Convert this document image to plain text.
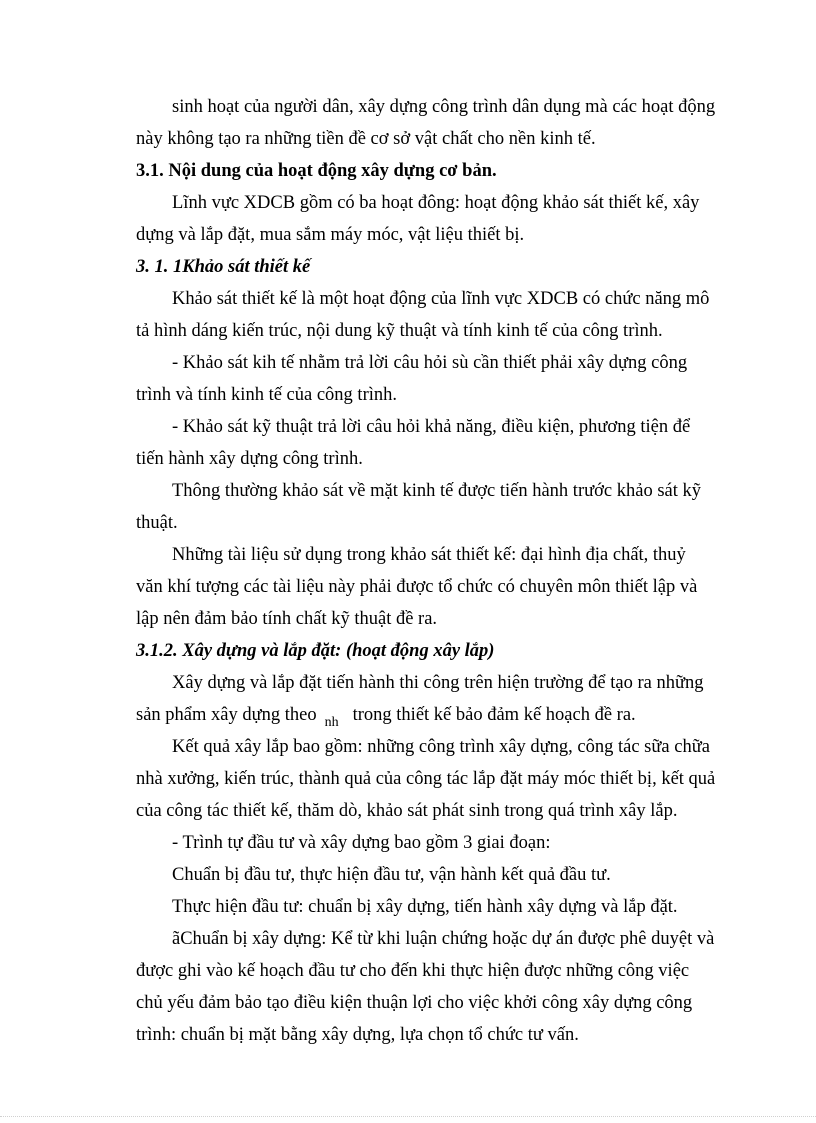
sinh hoạt của người dân, xây dựng công trình dân dụng mà các hoạt động
này không tạo ra những tiền đề cơ sở vật chất cho nền kinh tế.
3.1. Nội dung của hoạt động xây dựng cơ bản.
Lĩnh vực XDCB gồm có ba hoạt đông: hoạt động khảo sát thiết kế, xây
dựng và lắp đặt, mua sắm máy móc, vật liệu thiết bị.
3. 1. 1Khảo sát thiết kế
Khảo sát thiết kế là một hoạt động của lĩnh vực XDCB có chức năng mô
tả hình dáng kiến trúc, nội dung kỹ thuật và tính kinh tế của công trình.
- Khảo sát kih tế nhằm trả lời câu hỏi sù cần thiết phải xây dựng công
trình và tính kinh tế của công trình.
- Khảo sát kỹ thuật trả lời câu hỏi khả năng, điều kiện, phương tiện để
tiến hành xây dựng công trình.
Thông thường khảo sát về mặt kinh tế được tiến hành trước khảo sát kỹ
thuật.
Những tài liệu sử dụng trong khảo sát thiết kế: đại hình địa chất, thuỷ
văn khí tượng các tài liệu này phải được tổ chức có chuyên môn thiết lập và
lập nên đảm bảo tính chất kỹ thuật đề ra.
3.1.2. Xây dựng và lắp đặt: (hoạt động xây lắp)
Xây dựng và lắp đặt tiến hành thi công trên hiện trường để tạo ra những
sản phẩm xây dựng theo $_{nh}$ trong thiết kế bảo đảm kế hoạch đề ra.
Kết quả xây lắp bao gồm: những công trình xây dựng, công tác sữa chữa
nhà xưởng, kiến trúc, thành quả của công tác lắp đặt máy móc thiết bị, kết quả
của công tác thiết kế, thăm dò, khảo sát phát sinh trong quá trình xây lắp.
- Trình tự đầu tư và xây dựng bao gồm 3 giai đoạn:
Chuẩn bị đầu tư, thực hiện đầu tư, vận hành kết quả đầu tư.
Thực hiện đầu tư: chuẩn bị xây dựng, tiến hành xây dựng và lắp đặt.
ãChuẩn bị xây dựng: Kể từ khi luận chứng hoặc dự án được phê duyệt và
được ghi vào kế hoạch đầu tư cho đến khi thực hiện được những công việc
chủ yếu đảm bảo tạo điều kiện thuận lợi cho việc khởi công xây dựng công
trình: chuẩn bị mặt bằng xây dựng, lựa chọn tổ chức tư vấn.
